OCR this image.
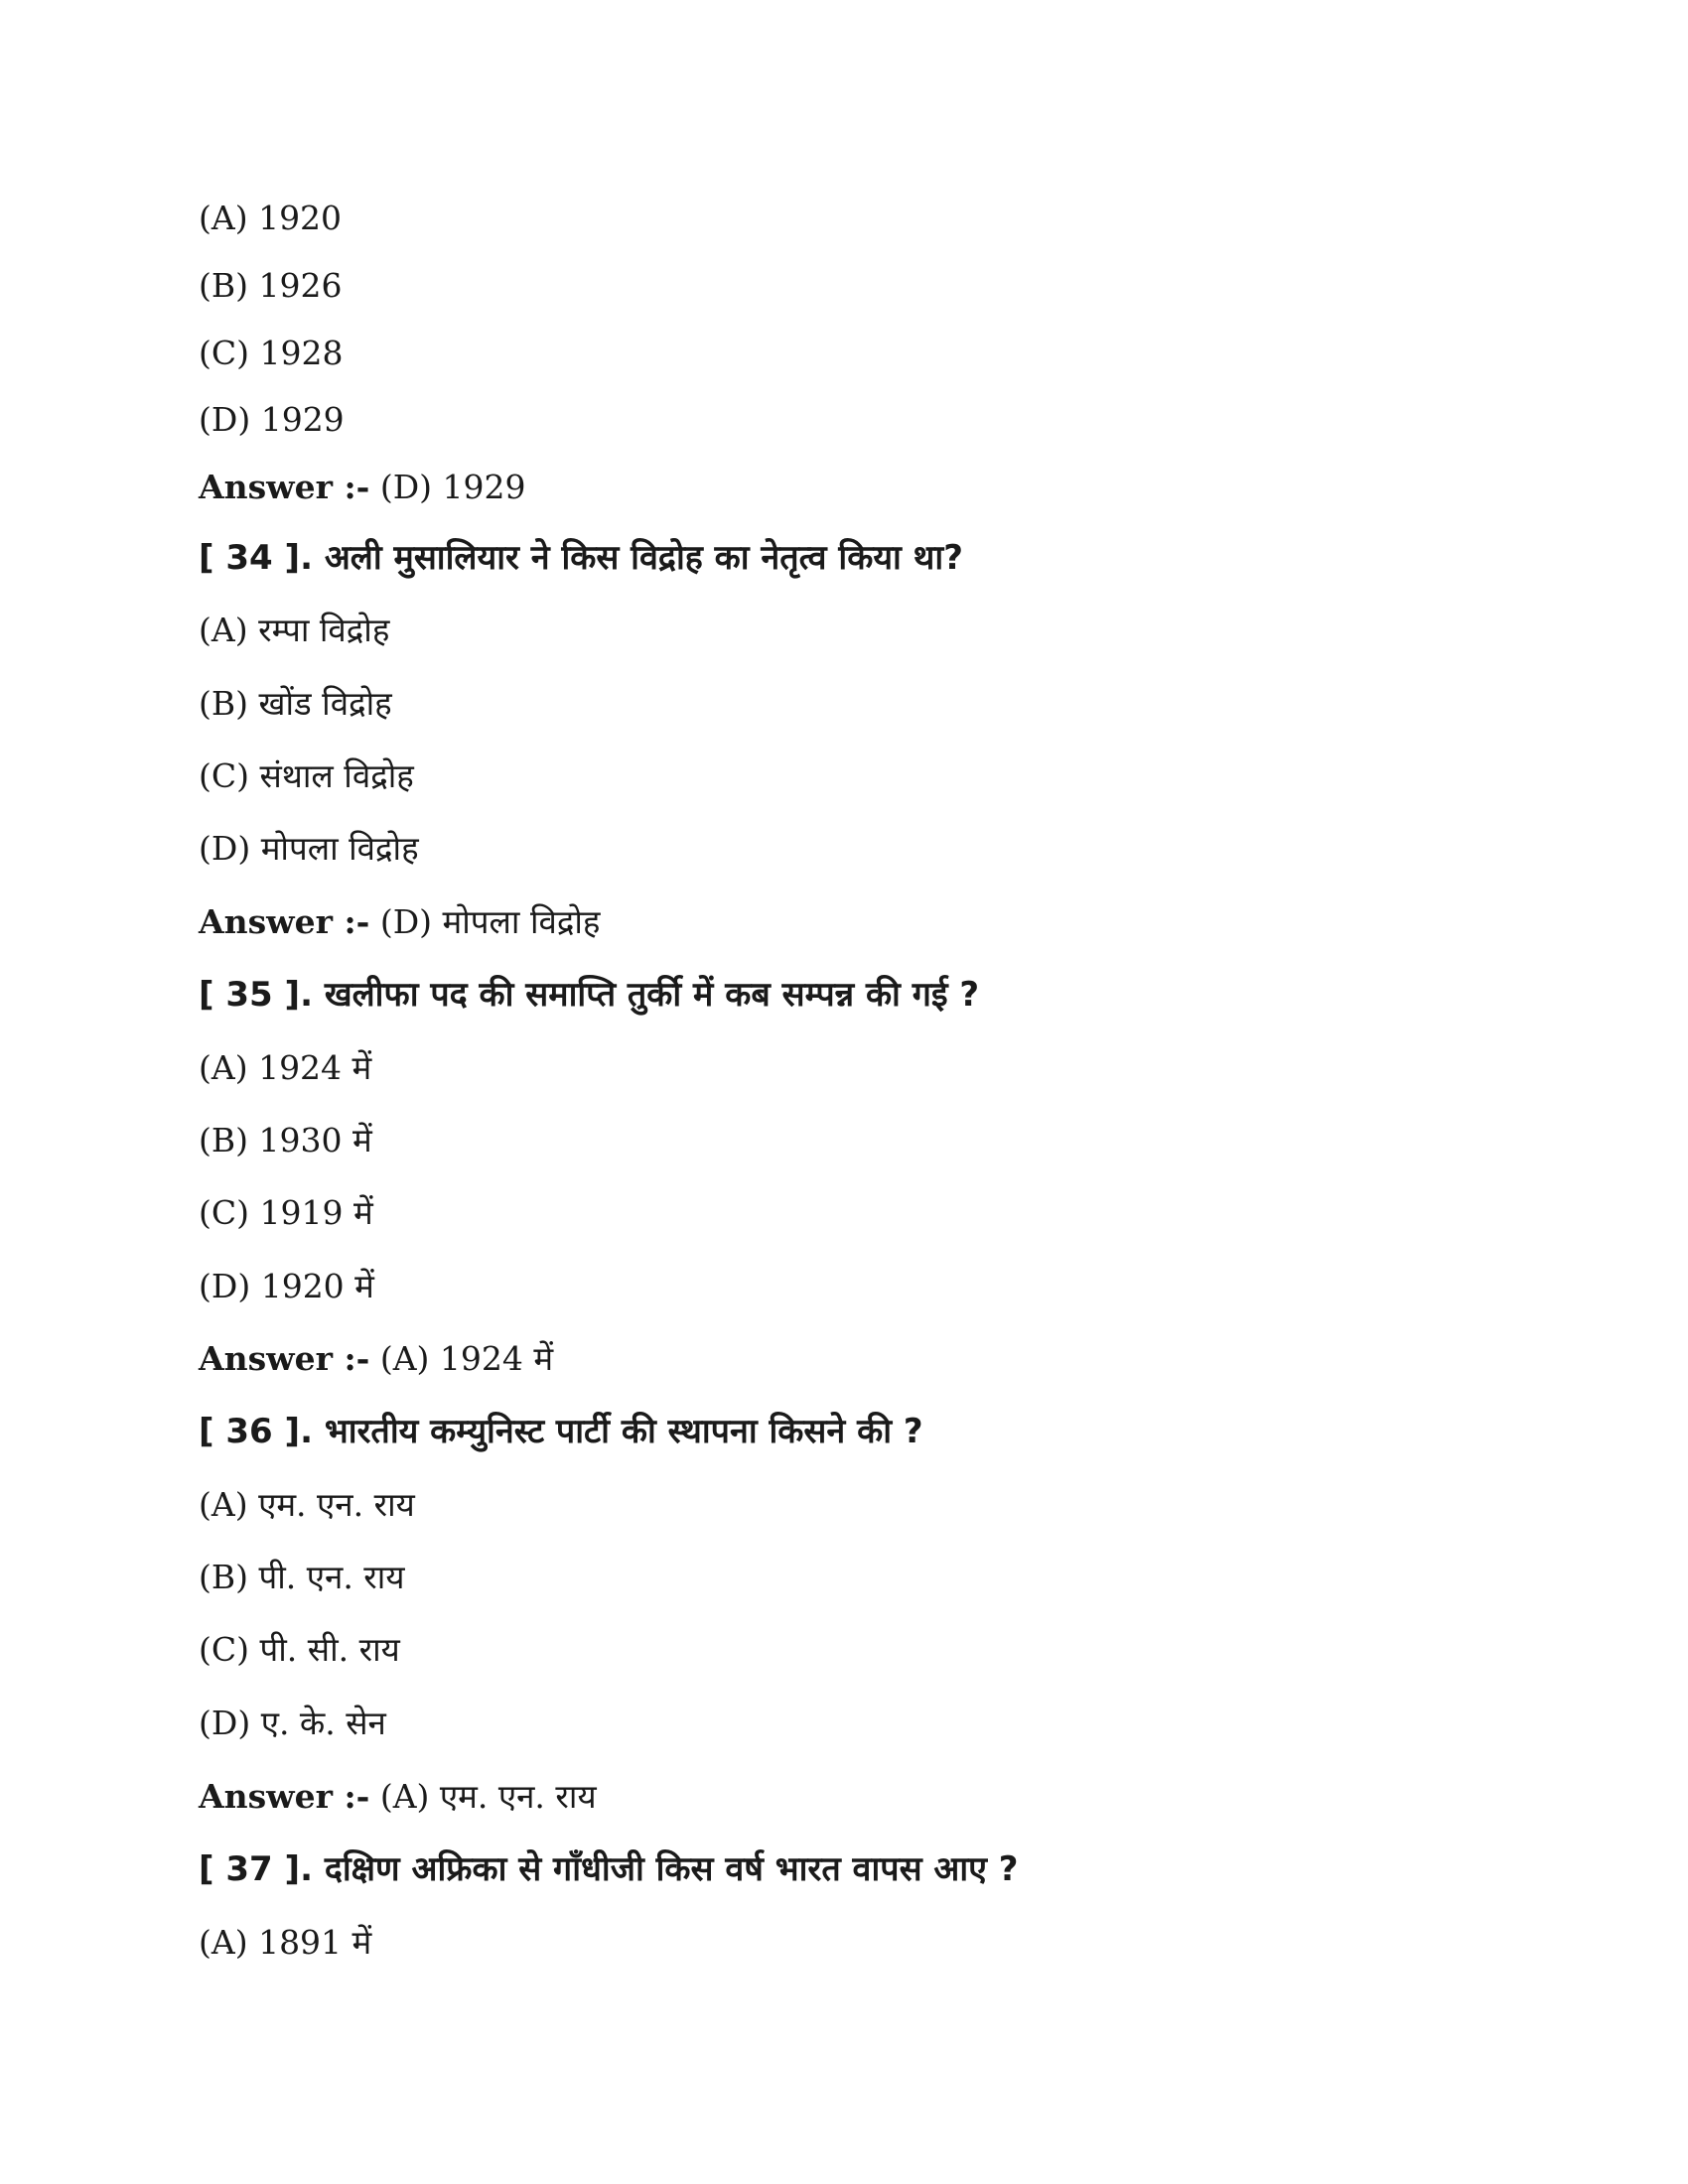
(A) 1920

(B) 1926

(C) 1928

(D) 1929

Answer :- (D) 1929

[ 34 ]. अली मुसालियार ने किस विद्रोह का नेतृत्व किया था?

(A) रम्पा विद्रोह

(B) खोंड विद्रोह

(C) संथाल विद्रोह

(D) मोपला विद्रोह

Answer :- (D) मोपला विद्रोह

[ 35 ]. खलीफा पद की समाप्ति तुर्की में कब सम्पन्न की गई ?

(A) 1924 में

(B) 1930 में

(C) 1919 में

(D) 1920 में

Answer :- (A) 1924 में

[ 36 ]. भारतीय कम्युनिस्ट पार्टी की स्थापना किसने की ?

(A) एम. एन. राय

(B) पी. एन. राय

(C) पी. सी. राय

(D) ए. के. सेन

Answer :- (A) एम. एन. राय

[ 37 ]. दक्षिण अफ्रिका से गाँधीजी किस वर्ष भारत वापस आए ?

(A) 1891 में
